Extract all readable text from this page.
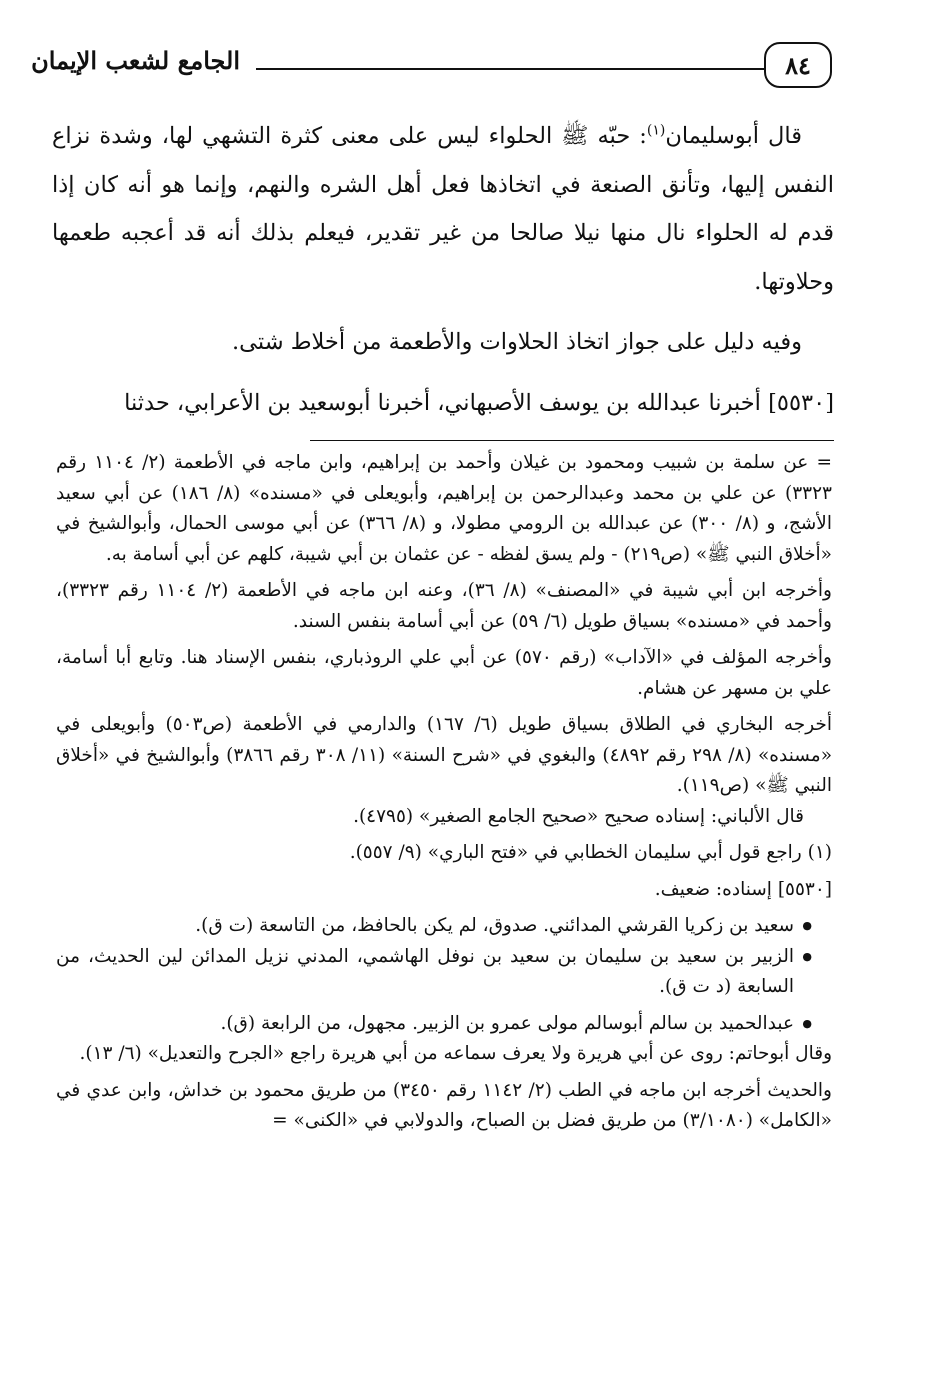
الجامع لشعب الإيمان	٨٤

قال أبوسليمان$^{(١)}$: حبّه ﷺ الحلواء ليس على معنى كثرة التشهي لها، وشدة نزاع النفس إليها، وتأنق الصنعة في اتخاذها فعل أهل الشره والنهم، وإنما هو أنه كان إذا قدم له الحلواء نال منها نيلا صالحا من غير تقدير، فيعلم بذلك أنه قد أعجبه طعمها وحلاوتها.

وفيه دليل على جواز اتخاذ الحلاوات والأطعمة من أخلاط شتى.

[٥٥٣٠] أخبرنا عبدالله بن يوسف الأصبهاني، أخبرنا أبوسعيد بن الأعرابي، حدثنا

= عن سلمة بن شبيب ومحمود بن غيلان وأحمد بن إبراهيم، وابن ماجه في الأطعمة (٢/ ١١٠٤ رقم ٣٣٢٣) عن علي بن محمد وعبدالرحمن بن إبراهيم، وأبويعلى في «مسنده» (٨/ ١٨٦) عن أبي سعيد الأشج، و (٨/ ٣٠٠) عن عبدالله بن الرومي مطولا، و (٨/ ٣٦٦) عن أبي موسى الحمال، وأبوالشيخ في «أخلاق النبي ﷺ» (ص٢١٩) - ولم يسق لفظه - عن عثمان بن أبي شيبة، كلهم عن أبي أسامة به.

وأخرجه ابن أبي شيبة في «المصنف» (٨/ ٣٦)، وعنه ابن ماجه في الأطعمة (٢/ ١١٠٤ رقم ٣٣٢٣)، وأحمد في «مسنده» بسياق طويل (٦/ ٥٩) عن أبي أسامة بنفس السند.

وأخرجه المؤلف في «الآداب» (رقم ٥٧٠) عن أبي علي الروذباري، بنفس الإسناد هنا. وتابع أبا أسامة، علي بن مسهر عن هشام.

أخرجه البخاري في الطلاق بسياق طويل (٦/ ١٦٧) والدارمي في الأطعمة (ص٥٠٣) وأبويعلى في «مسنده» (٨/ ٢٩٨ رقم ٤٨٩٢) والبغوي في «شرح السنة» (١١/ ٣٠٨ رقم ٣٨٦٦) وأبوالشيخ في «أخلاق النبي ﷺ» (ص١١٩).

قال الألباني: إسناده صحيح «صحيح الجامع الصغير» (٤٧٩٥).

(١) راجع قول أبي سليمان الخطابي في «فتح الباري» (٩/ ٥٥٧).

[٥٥٣٠] إسناده: ضعيف.

● سعيد بن زكريا القرشي المدائني. صدوق، لم يكن بالحافظ، من التاسعة (ت ق).
● الزبير بن سعيد بن سليمان بن سعيد بن نوفل الهاشمي، المدني نزيل المدائن لين الحديث، من السابعة (د ت ق).
● عبدالحميد بن سالم أبوسالم مولى عمرو بن الزبير. مجهول، من الرابعة (ق).

وقال أبوحاتم: روى عن أبي هريرة ولا يعرف سماعه من أبي هريرة راجع «الجرح والتعديل» (٦/ ١٣).

والحديث أخرجه ابن ماجه في الطب (٢/ ١١٤٢ رقم ٣٤٥٠) من طريق محمود بن خداش، وابن عدي في «الكامل» (٣/١٠٨٠) من طريق فضل بن الصباح، والدولابي في «الكنى» =
